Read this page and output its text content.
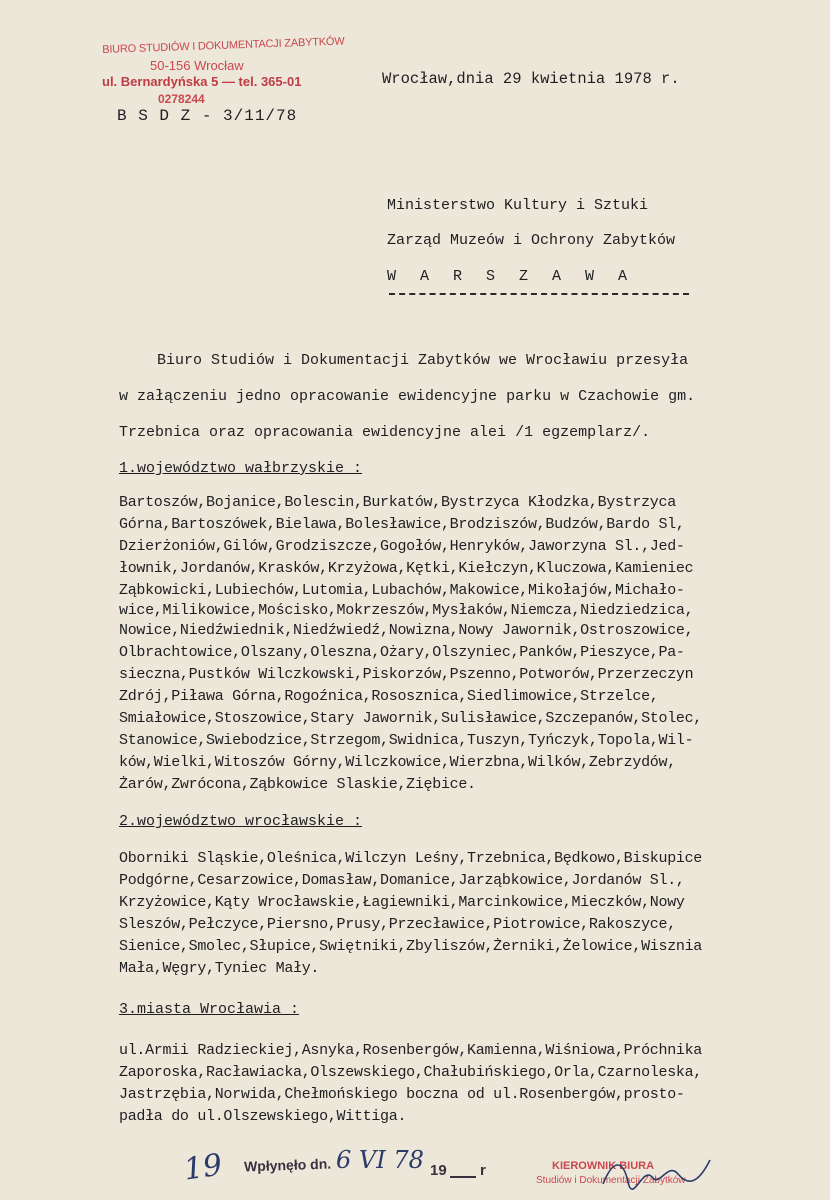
BIURO STUDIÓW I DOKUMENTACJI ZABYTKÓW
50-156 Wrocław
ul. Bernardyńska 5 — tel. 365-01
0278244
B S D Z - 3/11/78
Wrocław,dnia 29 kwietnia 1978 r.
Ministerstwo Kultury i Sztuki
Zarząd Muzeów i Ochrony Zabytków
W A R S Z A W A
Biuro Studiów i Dokumentacji Zabytków we Wrocławiu przesyła
w załączeniu jedno opracowanie ewidencyjne parku w Czachowie gm.
Trzebnica oraz opracowania ewidencyjne alei /1 egzemplarz/.
1.województwo wałbrzyskie :
Bartoszów,Bojanice,Bolescin,Burkatów,Bystrzyca Kłodzka,Bystrzyca
Górna,Bartoszówek,Bielawa,Bolesławice,Brodziszów,Budzów,Bardo Sl,
Dzierżoniów,Gilów,Grodziszcze,Gogołów,Henryków,Jaworzyna Sl.,Jed-
łownik,Jordanów,Krasków,Krzyżowa,Kętki,Kiełczyn,Kluczowa,Kamieniec
Ząbkowicki,Lubiechów,Lutomia,Lubachów,Makowice,Mikołajów,Michało-
wice,Milikowice,Mościsko,Mokrzeszów,Mysłaków,Niemcza,Niedziedzica,
Nowice,Niedźwiednik,Niedźwiedź,Nowizna,Nowy Jawornik,Ostroszowice,
Olbrachtowice,Olszany,Oleszna,Ożary,Olszyniec,Panków,Pieszyce,Pa-
siecznа,Pustków Wilczkowski,Piskorzów,Pszenno,Potworów,Przerzeczyn
Zdrój,Piława Górna,Rogoźnica,Rososznica,Siedlimowice,Strzelce,
Smiałowice,Stoszowice,Stary Jawornik,Sulisławice,Szczepanów,Stolec,
Stanowice,Swiebodzice,Strzegom,Swidnica,Tuszyn,Tyńczyk,Topola,Wil-
ków,Wielki,Witoszów Górny,Wilczkowice,Wierzbna,Wilków,Zebrzydów,
Żarów,Zwrócona,Ząbkowice Slaskie,Ziębice.
2.województwo wrocławskie :
Oborniki Sląskie,Oleśnica,Wilczyn Leśny,Trzebnica,Będkowo,Biskupice
Podgórne,Cesarzowice,Domasław,Domanice,Jarząbkowice,Jordanów Sl.,
Krzyżowice,Kąty Wrocławskie,Łagiewniki,Marcinkowice,Mieczków,Nowy
Sleszów,Pełczyce,Piersno,Prusy,Przecławice,Piotrowice,Rakoszyce,
Sienice,Smolec,Słupice,Swiętniki,Zbyliszów,Żerniki,Żelowice,Wisznia
Mała,Węgry,Tyniec Mały.
3.miasta Wrocławia :
ul.Armii Radzieckiej,Asnyka,Rosenbergów,Kamienna,Wiśniowa,Próchnika
Zaporoska,Racławiacka,Olszewskiego,Chałubińskiego,Orla,Czarnoleska,
Jastrzębia,Norwida,Chełmońskiego boczna od ul.Rosenbergów,prosto-
padła do ul.Olszewskiego,Wittiga.
19 Wpłynęło dn. 6 VI 78 19 r	KIEROWNIK BIURA
Studiów i Dokumentacji Zabytków
